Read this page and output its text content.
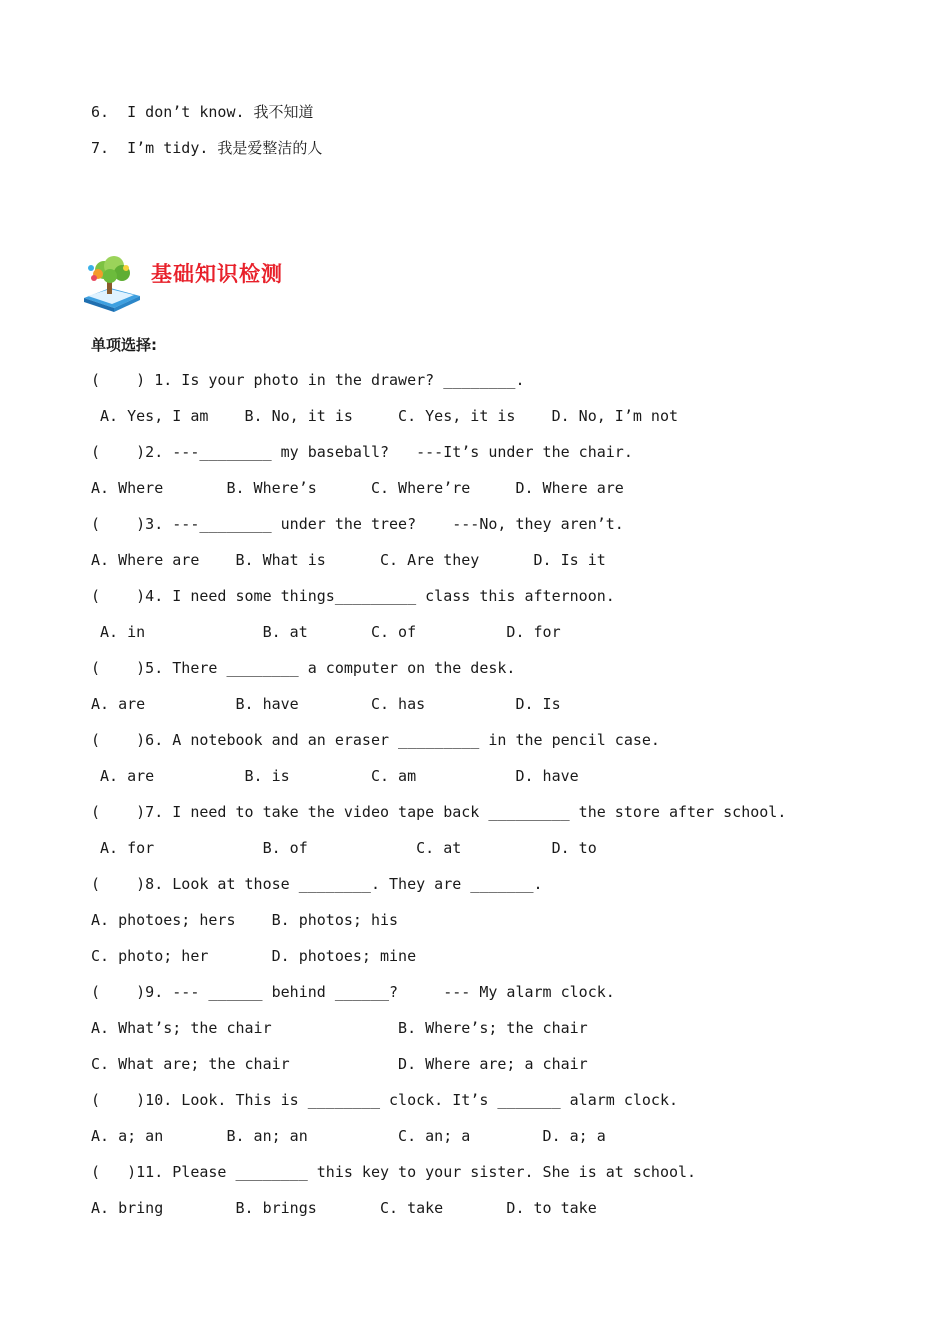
6.  I don’t know. 我不知道
7.  I’m tidy. 我是爱整洁的人
基础知识检测
单项选择:
(    ) 1. Is your photo in the drawer? ________.
A. Yes, I am    B. No, it is     C. Yes, it is    D. No, I’m not
(    )2. ---________ my baseball?   ---It’s under the chair.
A. Where       B. Where’s      C. Where’re     D. Where are
(    )3. ---________ under the tree?    ---No, they aren’t.
A. Where are    B. What is      C. Are they      D. Is it
(    )4. I need some things_________ class this afternoon.
A. in             B. at       C. of          D. for
(    )5. There ________ a computer on the desk.
A. are          B. have        C. has          D. Is
(    )6. A notebook and an eraser _________ in the pencil case.
A. are          B. is         C. am           D. have
(    )7. I need to take the video tape back _________ the store after school.
A. for            B. of            C. at          D. to
(    )8. Look at those ________. They are _______.
A. photoes; hers    B. photos; his
C. photo; her       D. photoes; mine
(    )9. --- ______ behind ______?     --- My alarm clock.
A. What’s; the chair              B. Where’s; the chair
C. What are; the chair            D. Where are; a chair
(    )10. Look. This is ________ clock. It’s _______ alarm clock.
A. a; an       B. an; an          C. an; a        D. a; a
(   )11. Please ________ this key to your sister. She is at school.
A. bring        B. brings       C. take       D. to take
